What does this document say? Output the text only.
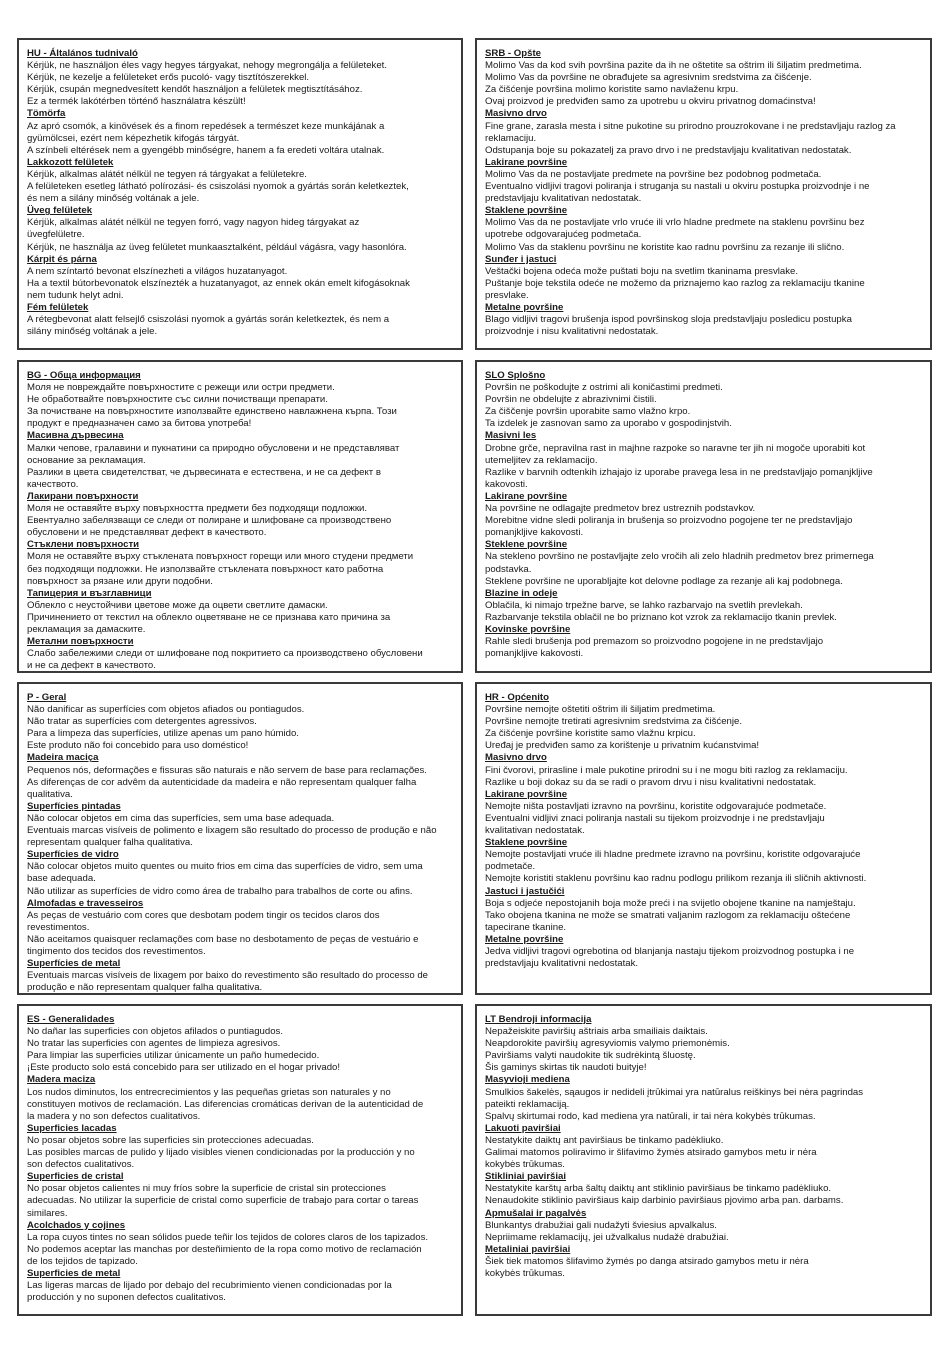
HU - Általános tudnivaló
Kérjük, ne használjon éles vagy hegyes tárgyakat, nehogy megrongálja a felületeket.
Kérjük, ne kezelje a felületeket erős pucoló- vagy tisztítószerekkel.
Kérjük, csupán megnedvesített kendőt használjon a felületek megtisztításához.
Ez a termék lakótérben történő használatra készült!
Tömörfa
Az apró csomók, a kinövések és a finom repedések a természet keze munkájának a
gyümölcsei, ezért nem képezhetik kifogás tárgyát.
A színbeli eltérések nem a gyengébb minőségre, hanem a fa eredeti voltára utalnak.
Lakkozott felületek
Kérjük, alkalmas alátét nélkül ne tegyen rá tárgyakat a felületekre.
A felületeken esetleg látható polírozási- és csiszolási nyomok a gyártás során keletkeztek,
és nem a silány minőség voltának a jele.
Üveg felületek
Kérjük, alkalmas alátét nélkül ne tegyen forró, vagy nagyon hideg tárgyakat az
üvegfelületre.
Kérjük, ne használja az üveg felületet munkaasztalként, például vágásra, vagy hasonlóra.
Kárpit és párna
A nem színtartó bevonat elszínezheti a világos huzatanyagot.
Ha a textil bútorbevonatok elszínezték a huzatanyagot, az ennek okán emelt kifogásoknak
nem tudunk helyt adni.
Fém felületek
A rétegbevonat alatt felsejlő csiszolási nyomok a gyártás során keletkeztek, és nem a
silány minőség voltának a jele.
SRB - Opšte
Molimo Vas da kod svih površina pazite da ih ne oštetite sa oštrim ili šiljatim predmetima.
Molimo Vas da površine ne obrađujete sa agresivnim sredstvima za čišćenje.
Za čišćenje površina molimo koristite samo navlaženu krpu.
Ovaj proizvod je predviđen samo za upotrebu u okviru privatnog domaćinstva!
Masivno drvo
Fine grane, zarasla mesta i sitne pukotine su prirodno prouzrokovane i ne predstavljaju razlog za
reklamaciju.
Odstupanja boje su pokazatelj za pravo drvo i ne predstavljaju kvalitativan nedostatak.
Lakirane površine
Molimo Vas da ne postavljate predmete na površine bez podobnog podmetača.
Eventualno vidljivi tragovi poliranja i struganja su nastali u okviru postupka proizvodnje i ne
predstavljaju kvalitativan nedostatak.
Staklene površine
Molimo Vas da ne postavljate vrlo vruće ili vrlo hladne predmete na staklenu površinu bez
upotrebe odgovarajućeg podmetača.
Molimo Vas da staklenu površinu ne koristite kao radnu površinu za rezanje ili slično.
Sunđer i jastuci
Veštački bojena odeća može puštati boju na svetlim tkaninama presvlake.
Puštanje boje tekstila odeće ne možemo da priznajemo kao razlog za reklamaciju tkanine
presvlake.
Metalne površine
Blago vidljivi tragovi brušenja ispod površinskog sloja predstavljaju posledicu postupka
proizvodnje i nisu kvalitativni nedostatak.
BG - Обща информация
Моля не повреждайте повърхностите с режещи или остри предмети.
Не обработвайте повърхностите със силни почистващи препарати.
За почистване на повърхностите използвайте единствено навлажнена кърпа. Този
продукт е предназначен само за битова употреба!
Масивна дървесина
Малки чепове, гралавини и пукнатини са природно обусловени и не представляват
основание за рекламация.
Разлики в цвета свидетелстват, че дървесината е естествена, и не са дефект в
качеството.
Лакирани повърхности
Моля не оставяйте върху повърхността предмети без подходящи подложки.
Евентуално забелязващи се следи от полиране и шлифоване са производствено
обусловени и не представляват дефект в качеството.
Стъклени повърхности
Моля не оставяйте върху стъклената повърхност горещи или много студени предмети
без подходящи подложки. Не използвайте стъклената повърхност като работна
повърхност за рязане или други подобни.
Тапицерия и възглавници
Облекло с неустойчиви цветове може да оцвети светлите дамаски.
Причинението от текстил на облекло оцветяване не се признава като причина за
рекламация за дамаските.
Метални повърхности
Слабо забележими следи от шлифоване под покритието са производствено обусловени
и не са дефект в качеството.
SLO Splošno
Površin ne poškodujte z ostrimi ali koničastimi predmeti.
Površin ne obdelujte z abrazivnimi čistili.
Za čiščenje površin uporabite samo vlažno krpo.
Ta izdelek je zasnovan samo za uporabo v gospodinjstvih.
Masivni les
Drobne grče, nepravilna rast in majhne razpoke so naravne ter jih ni mogoče uporabiti kot
utemeljitev za reklamacijo.
Razlike v barvnih odtenkih izhajajo iz uporabe pravega lesa in ne predstavljajo pomanjkljive
kakovosti.
Lakirane površine
Na površine ne odlagajte predmetov brez ustreznih podstavkov.
Morebitne vidne sledi poliranja in brušenja so proizvodno pogojene ter ne predstavljajo
pomanjkljive kakovosti.
Steklene površine
Na stekleno površino ne postavljajte zelo vročih ali zelo hladnih predmetov brez primernega
podstavka.
Steklene površine ne uporabljajte kot delovne podlage za rezanje ali kaj podobnega.
Blazine in odeje
Oblačila, ki nimajo trpežne barve, se lahko razbarvajo na svetlih prevlekah.
Razbarvanje tekstila oblačil ne bo priznano kot vzrok za reklamacijo tkanin prevlek.
Kovinske površine
Rahle sledi brušenja pod premazom so proizvodno pogojene in ne predstavljajo
pomanjkljive kakovosti.
P - Geral
Não danificar as superfícies com objetos afiados ou pontiagudos.
Não tratar as superfícies com detergentes agressivos.
Para a limpeza das superfícies, utilize apenas um pano húmido.
Este produto não foi concebido para uso doméstico!
Madeira maciça
Pequenos nós, deformações e fissuras são naturais e não servem de base para reclamações.
As diferenças de cor advêm da autenticidade da madeira e não representam qualquer falha
qualitativa.
Superfícies pintadas
Não colocar objetos em cima das superfícies, sem uma base adequada.
Eventuais marcas visíveis de polimento e lixagem são resultado do processo de produção e não
representam qualquer falha qualitativa.
Superfícies de vidro
Não colocar objetos muito quentes ou muito frios em cima das superfícies de vidro, sem uma
base adequada.
Não utilizar as superfícies de vidro como área de trabalho para trabalhos de corte ou afins.
Almofadas e travesseiros
As peças de vestuário com cores que desbotam podem tingir os tecidos claros dos
revestimentos.
Não aceitamos quaisquer reclamações com base no desbotamento de peças de vestuário e
tingimento dos tecidos dos revestimentos.
Superfícies de metal
Eventuais marcas visíveis de lixagem por baixo do revestimento são resultado do processo de
produção e não representam qualquer falha qualitativa.
HR - Općenito
Površine nemojte oštetiti oštrim ili šiljatim predmetima.
Površine nemojte tretirati agresivnim sredstvima za čišćenje.
Za čišćenje površine koristite samo vlažnu krpicu.
Uređaj je predviđen samo za korištenje u privatnim kućanstvima!
Masivno drvo
Fini čvorovi, prirasline i male pukotine prirodni su i ne mogu biti razlog za reklamaciju.
Razlike u boji dokaz su da se radi o pravom drvu i nisu kvalitativni nedostatak.
Lakirane površine
Nemojte ništa postavljati izravno na površinu, koristite odgovarajuće podmetače.
Eventualni vidljivi znaci poliranja nastali su tijekom proizvodnje i ne predstavljaju
kvalitativan nedostatak.
Staklene površine
Nemojte postavljati vruće ili hladne predmete izravno na površinu, koristite odgovarajuće
podmetače.
Nemojte koristiti staklenu površinu kao radnu podlogu prilikom rezanja ili sličnih aktivnosti.
Jastuci i jastučići
Boja s odjeće nepostojanih boja može preći i na svijetlo obojene tkanine na namještaju.
Tako obojena tkanina ne može se smatrati valjanim razlogom za reklamaciju oštećene
tapecirane tkanine.
Metalne površine
Jedva vidljivi tragovi ogrebotina od blanjanja nastaju tijekom proizvodnog postupka i ne
predstavljaju kvalitativni nedostatak.
ES - Generalidades
No dañar las superficies con objetos afilados o puntiagudos.
No tratar las superficies con agentes de limpieza agresivos.
Para limpiar las superficies utilizar únicamente un paño humedecido.
¡Este producto solo está concebido para ser utilizado en el hogar privado!
Madera maciza
Los nudos diminutos, los entrecrecimientos y las pequeñas grietas son naturales y no
constituyen motivos de reclamación. Las diferencias cromáticas derivan de la autenticidad de
la madera y no son defectos cualitativos.
Superficies lacadas
No posar objetos sobre las superficies sin protecciones adecuadas.
Las posibles marcas de pulido y lijado visibles vienen condicionadas por la producción y no
son defectos cualitativos.
Superficies de cristal
No posar objetos calientes ni muy fríos sobre la superficie de cristal sin protecciones
adecuadas. No utilizar la superficie de cristal como superficie de trabajo para cortar o tareas
similares.
Acolchados y cojines
La ropa cuyos tintes no sean sólidos puede teñir los tejidos de colores claros de los tapizados.
No podemos aceptar las manchas por desteñimiento de la ropa como motivo de reclamación
de los tejidos de tapizado.
Superficies de metal
Las ligeras marcas de lijado por debajo del recubrimiento vienen condicionadas por la
producción y no suponen defectos cualitativos.
LT Bendroji informacija
Nepažeiskite paviršių aštriais arba smailiais daiktais.
Neapdorokite paviršių agresyviomis valymo priemonėmis.
Paviršiams valyti naudokite tik sudrėkintą šluostę.
Šis gaminys skirtas tik naudoti buityje!
Masyvioji mediena
Smulkios šakelės, sąaugos ir nedideli įtrūkimai yra natūralus reiškinys bei nėra pagrindas
pateikti reklamaciją.
Spalvų skirtumai rodo, kad mediena yra natūrali, ir tai nėra kokybės trūkumas.
Lakuoti paviršiai
Nestatykite daiktų ant paviršiaus be tinkamo padėkliuko.
Galimai matomos poliravimo ir šlifavimo žymės atsirado gamybos metu ir nėra
kokybės trūkumas.
Stikliniai paviršiai
Nestatykite karštų arba šaltų daiktų ant stiklinio paviršiaus be tinkamo padėkliuko.
Nenaudokite stiklinio paviršiaus kaip darbinio paviršiaus pjovimo arba pan. darbams.
Apmušalai ir pagalvės
Blunkantys drabužiai gali nudažyti šviesius apvalkalus.
Nepriimame reklamacijų, jei užvalkalus nudažė drabužiai.
Metaliniai paviršiai
Šiek tiek matomos šlifavimo žymės po danga atsirado gamybos metu ir nėra
kokybės trūkumas.
